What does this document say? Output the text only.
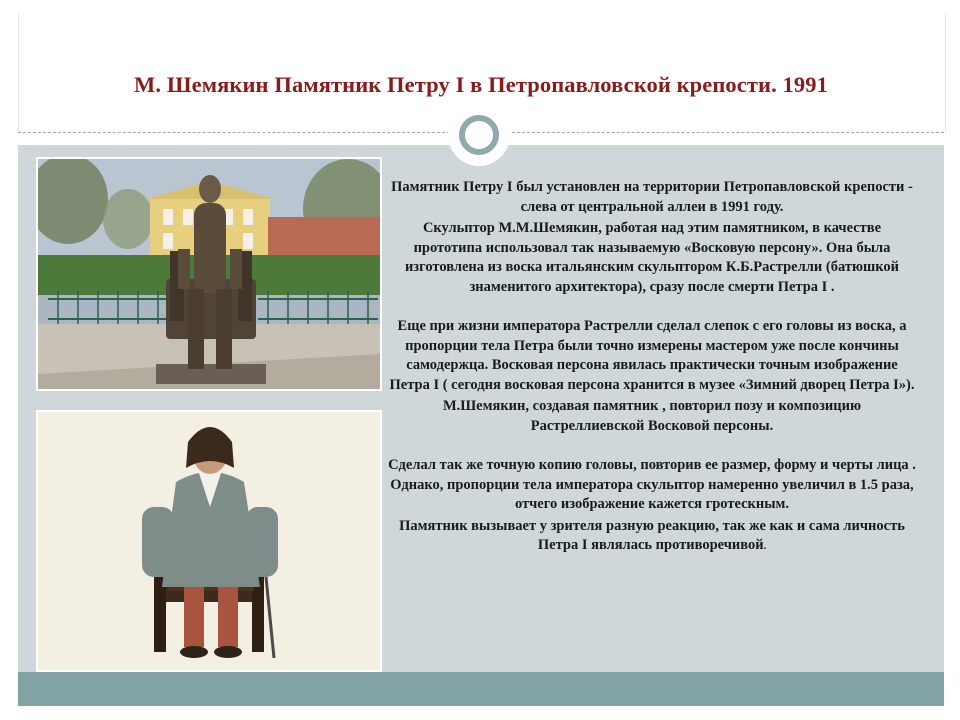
М. Шемякин Памятник Петру I в Петропавловской крепости. 1991

Памятник Петру I был установлен на территории Петропавловской крепости - слева от центральной аллеи в 1991 году.

Скульптор М.М.Шемякин, работая над этим памятником, в качестве прототипа использовал так называемую «Восковую персону». Она была изготовлена из воска итальянским скульптором К.Б.Растрелли (батюшкой знаменитого архитектора), сразу после смерти Петра I .

Еще при жизни императора Растрелли сделал слепок с его головы из воска, а пропорции тела Петра были точно измерены мастером уже после кончины самодержца. Восковая персона явилась практически точным изображение Петра I ( сегодня восковая персона хранится в музее «Зимний дворец Петра I»).

М.Шемякин, создавая памятник , повторил позу и композицию Растреллиевской Восковой персоны.

Сделал так же точную копию головы, повторив ее размер, форму и черты лица . Однако, пропорции тела императора скульптор намеренно увеличил в 1.5 раза, отчего изображение кажется гротескным.

Памятник вызывает у зрителя разную реакцию, так же как и сама личность Петра I являлась противоречивой.
